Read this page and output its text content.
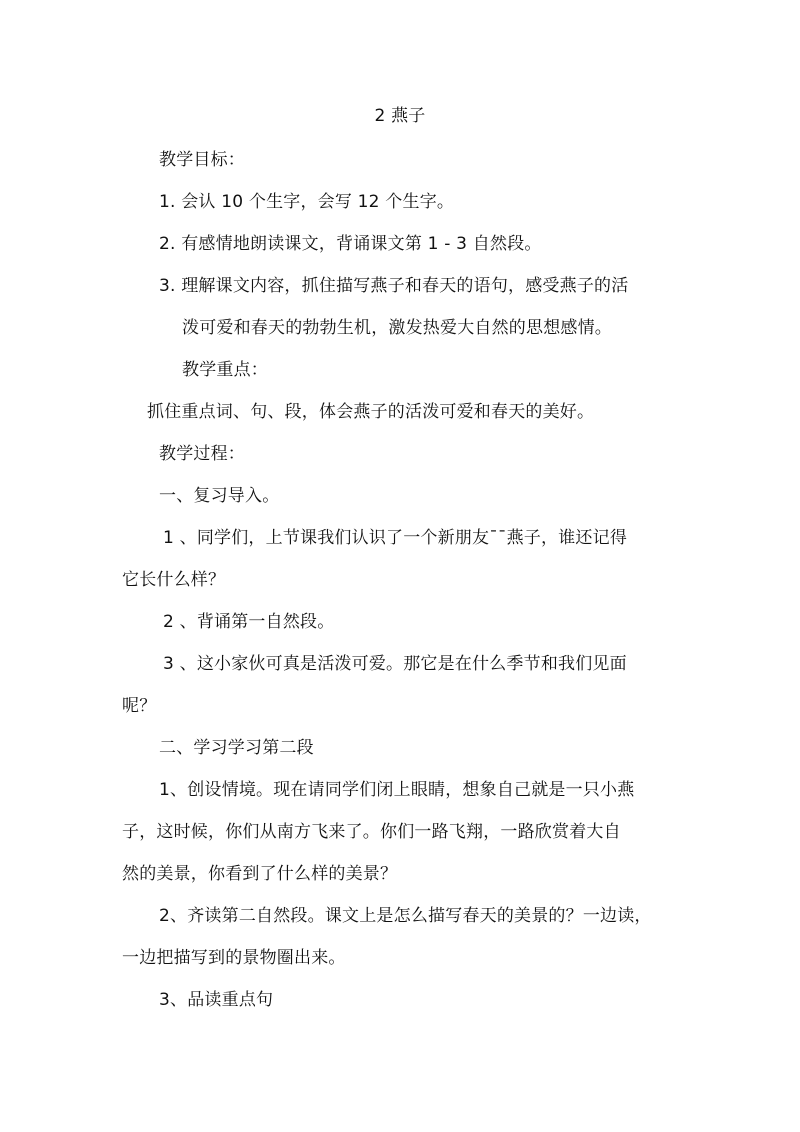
2 燕子
教学目标：
1. 会认 10 个生字，会写 12 个生字。
2. 有感情地朗读课文，背诵课文第 1 - 3 自然段。
3. 理解课文内容，抓住描写燕子和春天的语句，感受燕子的活
泼可爱和春天的勃勃生机，激发热爱大自然的思想感情。
教学重点：
抓住重点词、句、段，体会燕子的活泼可爱和春天的美好。
教学过程：
一、复习导入。
1 、同学们，上节课我们认识了一个新朋友¯¯燕子，谁还记得
它长什么样？
2 、背诵第一自然段。
3 、这小家伙可真是活泼可爱。那它是在什么季节和我们见面
呢？
二、学习学习第二段
1、创设情境。现在请同学们闭上眼睛，想象自己就是一只小燕
子，这时候，你们从南方飞来了。你们一路飞翔，一路欣赏着大自
然的美景，你看到了什么样的美景？
2、齐读第二自然段。课文上是怎么描写春天的美景的？一边读，
一边把描写到的景物圈出来。
3、品读重点句
